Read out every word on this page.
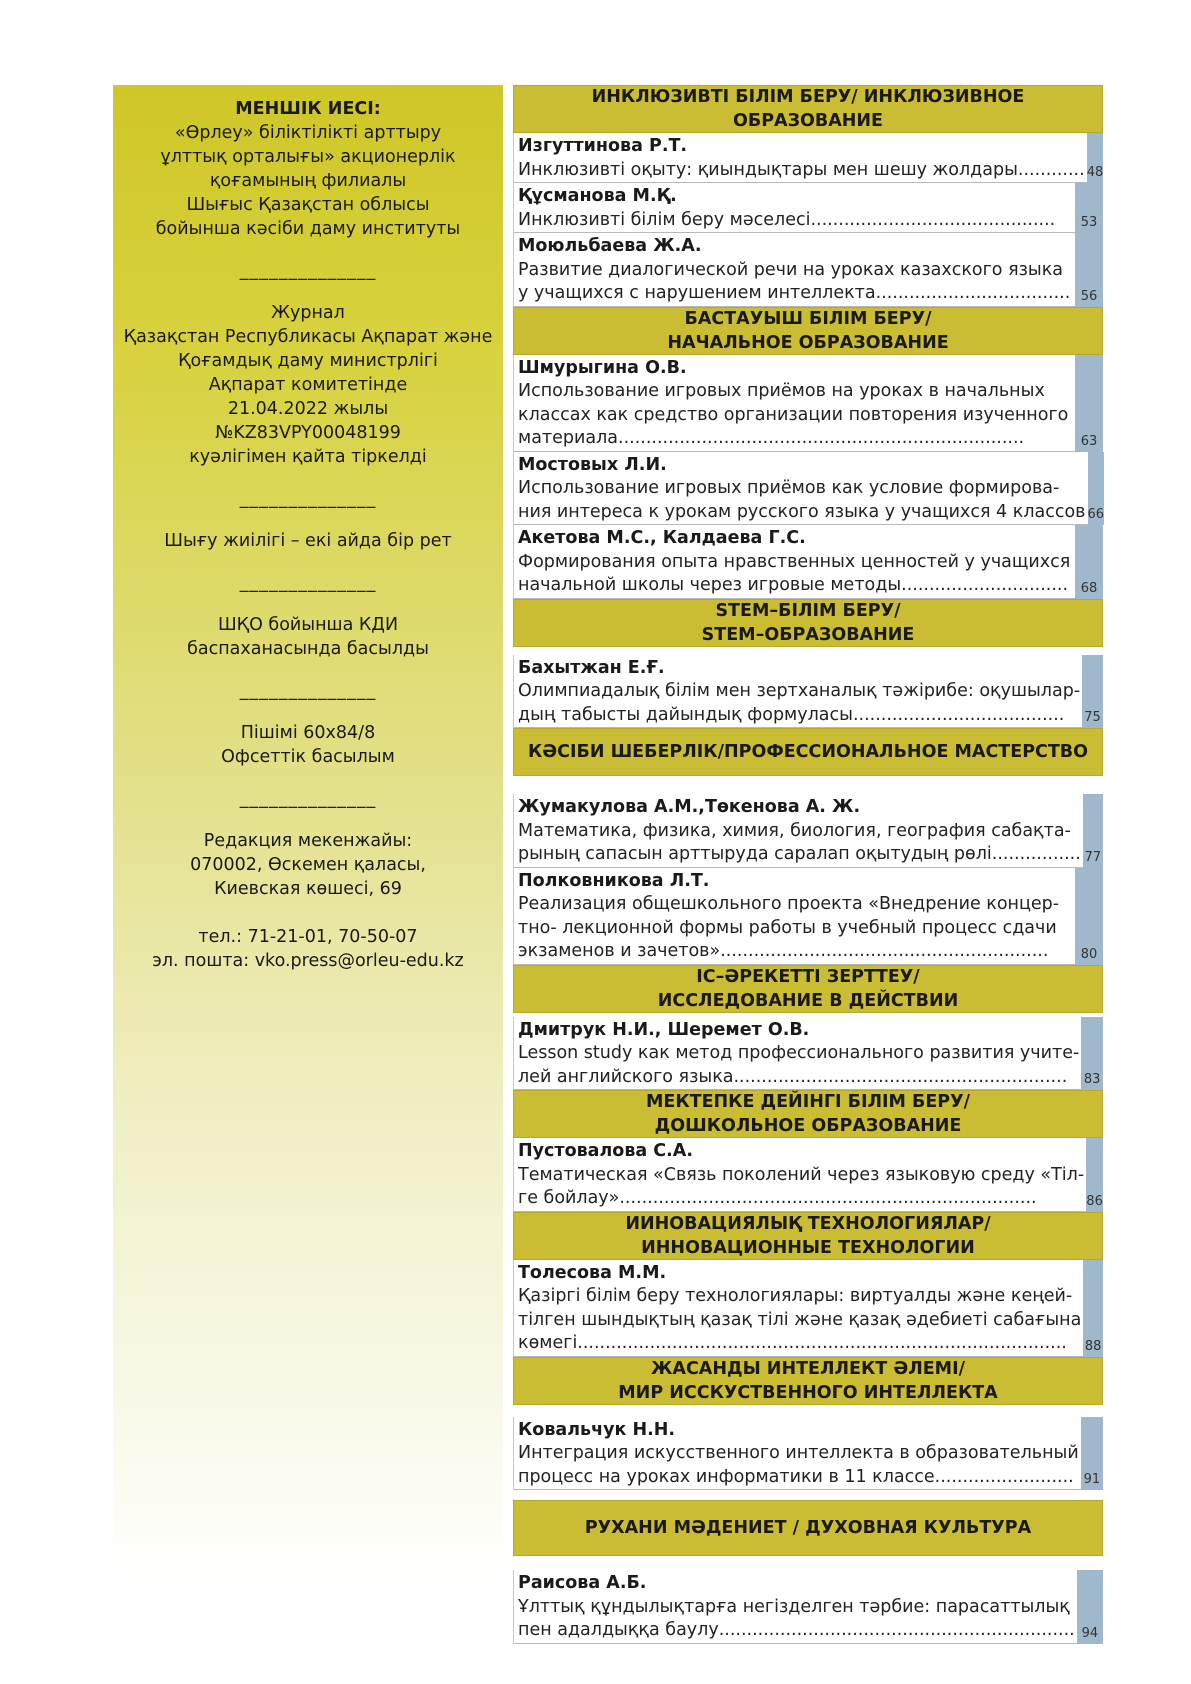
МЕНШІК ИЕСІ:
«Өрлеу» біліктілікті арттыру
ұлттық орталығы» акционерлік
қоғамының филиалы
Шығыс Қазақстан облысы
бойынша кәсіби даму институты
______________
Журнал
Қазақстан Республикасы Ақпарат және
Қоғамдық даму министрлігі
Ақпарат комитетінде
21.04.2022 жылы
№KZ83VPY00048199
куәлігімен қайта тіркелді
______________
Шығу жиілігі – екі айда бір рет
______________
ШҚО бойынша КДИ
баспаханасында басылды
______________
Пішімі 60х84/8
Офсеттік басылым
______________
Редакция мекенжайы:
070002, Өскемен қаласы,
Киевская көшесі, 69
тел.: 71-21-01, 70-50-07
эл. пошта: vko.press@orleu-edu.kz
ИНКЛЮЗИВТІ БІЛІМ БЕРУ/ ИНКЛЮЗИВНОЕ ОБРАЗОВАНИЕ
Изгуттинова Р.Т.
Инклюзивті оқыту: қиындықтары мен шешу жолдары............ 48
Құсманова М.Қ.
Инклюзивті білім беру мәселесі............................................	53
Моюльбаева Ж.А.
Развитие диалогической речи на уроках казахского языка
у учащихся с нарушением интеллекта................................... 56
БАСТАУЫШ БІЛІМ БЕРУ/
НАЧАЛЬНОЕ ОБРАЗОВАНИЕ
Шмурыгина О.В.
Использование игровых приёмов на уроках в начальных
классах как средство организации повторения изученного
материала.........................................................................	63
Мостовых Л.И.
Использование игровых приёмов как условие формирова-
ния интереса к урокам русского языка у учащихся 4 классов 66
Акетова М.С., Калдаева Г.С.
Формирования опыта нравственных ценностей у учащихся
начальной школы через игровые методы.............................. 68
STEM–БІЛІМ БЕРУ/
STEM–ОБРАЗОВАНИЕ
Бахытжан Е.Ғ.
Олимпиадалық білім мен зертханалық тәжірибе: оқушылар-
дың табысты дайындық формуласы......................................	75
КӘСІБИ ШЕБЕРЛІК/ПРОФЕССИОНАЛЬНОЕ МАСТЕРСТВО
Жумакулова А.М.,Төкенова А. Ж.
Математика, физика, химия, биология, география сабақта-
рының сапасын арттыруда саралап оқытудың рөлі................ 77
Полковникова Л.Т.
Реализация общешкольного проекта «Внедрение концер-
тно- лекционной формы работы в учебный процесс сдачи
экзаменов и зачетов»...........................................................	80
ІС–ӘРЕКЕТТІ ЗЕРТТЕУ/
ИССЛЕДОВАНИЕ В ДЕЙСТВИИ
Дмитрук Н.И., Шеремет О.В.
Lesson study как метод профессионального развития учите-
лей английского языка............................................................	83
МЕКТЕПКЕ ДЕЙІНГІ БІЛІМ БЕРУ/
ДОШКОЛЬНОЕ ОБРАЗОВАНИЕ
Пустовалова С.А.
Тематическая «Связь поколений через языковую среду «Тіл-
ге бойлау»...........................................................................	86
ИИНОВАЦИЯЛЫҚ ТЕХНОЛОГИЯЛАР/
ИННОВАЦИОННЫЕ ТЕХНОЛОГИИ
Толесова М.М.
Қазіргі білім беру технологиялары: виртуалды және кеңей-
тілген шындықтың қазақ тілі және қазақ әдебиеті сабағына
көмегі........................................................................................	88
ЖАСАНДЫ ИНТЕЛЛЕКТ ӘЛЕМІ/
МИР ИССКУСТВЕННОГО ИНТЕЛЛЕКТА
Ковальчук Н.Н.
Интеграция искусственного интеллекта в образовательный
процесс на уроках информатики в 11 классе......................... 91
РУХАНИ МӘДЕНИЕТ / ДУХОВНАЯ КУЛЬТУРА
Раисова А.Б.
Ұлттық құндылықтарға негізделген тәрбие: парасаттылық
пен адалдыққа баулу................................................................ 94
